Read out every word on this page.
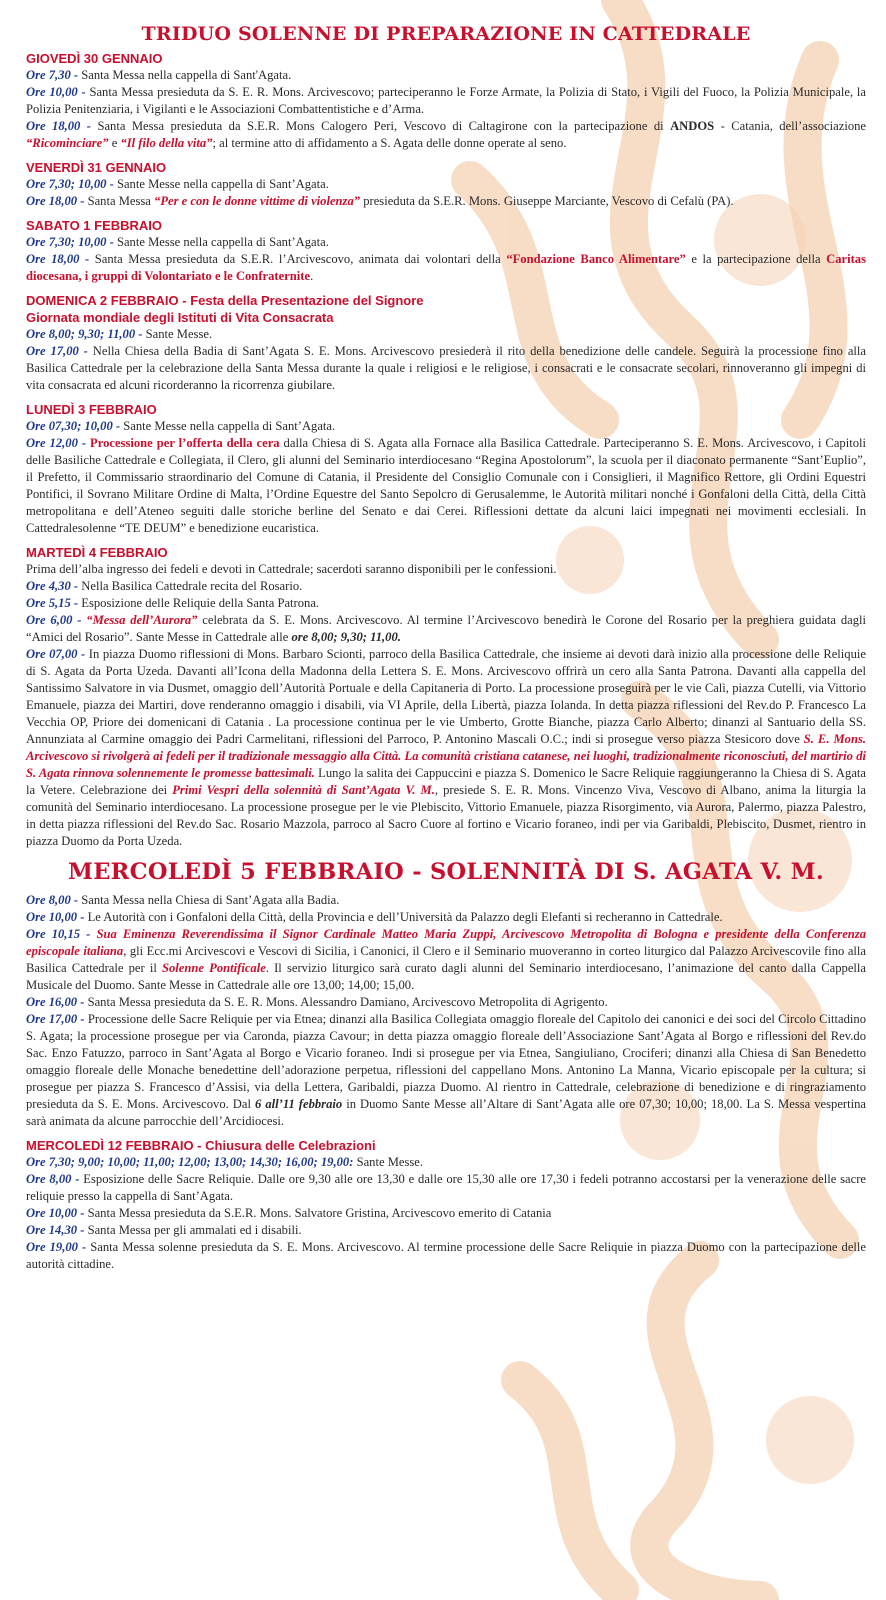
TRIDUO SOLENNE DI PREPARAZIONE IN CATTEDRALE
GIOVEDÌ 30 GENNAIO

Ore 7,30 - Santa Messa nella cappella di Sant'Agata.

Ore 10,00 - Santa Messa presieduta da S. E. R. Mons. Arcivescovo; parteciperanno le Forze Armate, la Polizia di Stato, i Vigili del Fuoco, la Polizia Municipale, la Polizia Penitenziaria, i Vigilanti e le Associazioni Combattentistiche e d’Arma.

Ore 18,00 - Santa Messa presieduta da S.E.R. Mons Calogero Peri, Vescovo di Caltagirone con la partecipazione di ANDOS - Catania, dell’associazione “Ricominciare” e “Il filo della vita”; al termine atto di affidamento a S. Agata delle donne operate al seno.

VENERDÌ 31 GENNAIO

Ore 7,30; 10,00 - Sante Messe nella cappella di Sant’Agata.

Ore 18,00 - Santa Messa “Per e con le donne vittime di violenza” presieduta da S.E.R. Mons. Giuseppe Marciante, Vescovo di Cefalù (PA).

SABATO 1 FEBBRAIO

Ore 7,30; 10,00 - Sante Messe nella cappella di Sant’Agata.

Ore 18,00 - Santa Messa presieduta da S.E.R. l’Arcivescovo, animata dai volontari della “Fondazione Banco Alimentare” e la partecipazione della Caritas diocesana, i gruppi di Volontariato e le Confraternite.

DOMENICA 2 FEBBRAIO - Festa della Presentazione del Signore
Giornata mondiale degli Istituti di Vita Consacrata

Ore 8,00; 9,30; 11,00 - Sante Messe.

Ore 17,00 - Nella Chiesa della Badia di Sant’Agata S. E. Mons. Arcivescovo presiederà il rito della benedizione delle candele. Seguirà la processione fino alla Basilica Cattedrale per la celebrazione della Santa Messa durante la quale i religiosi e le religiose, i consacrati e le consacrate secolari, rinnoveranno gli impegni di vita consacrata ed alcuni ricorderanno la ricorrenza giubilare.

LUNEDÌ 3 FEBBRAIO

Ore 07,30; 10,00 - Sante Messe nella cappella di Sant’Agata.

Ore 12,00 - Processione per l’offerta della cera dalla Chiesa di S. Agata alla Fornace alla Basilica Cattedrale. Parteciperanno S. E. Mons. Arcivescovo, i Capitoli delle Basiliche Cattedrale e Collegiata, il Clero, gli alunni del Seminario interdiocesano “Regina Apostolorum”, la scuola per il diaconato permanente “Sant’Euplio”, il Prefetto, il Commissario straordinario del Comune di Catania, il Presidente del Consiglio Comunale con i Consiglieri, il Magnifico Rettore, gli Ordini Equestri Pontifici, il Sovrano Militare Ordine di Malta, l’Ordine Equestre del Santo Sepolcro di Gerusalemme, le Autorità militari nonché i Gonfaloni della Città, della Città metropolitana e dell’Ateneo seguiti dalle storiche berline del Senato e dai Cerei. Riflessioni dettate da alcuni laici impegnati nei movimenti ecclesiali. In Cattedralesolenne “TE DEUM” e benedizione eucaristica.

MARTEDÌ 4 FEBBRAIO

Prima dell’alba ingresso dei fedeli e devoti in Cattedrale; sacerdoti saranno disponibili per le confessioni.

Ore 4,30 - Nella Basilica Cattedrale recita del Rosario.

Ore 5,15 - Esposizione delle Reliquie della Santa Patrona.

Ore 6,00 - “Messa dell’Aurora” celebrata da S. E. Mons. Arcivescovo. Al termine l’Arcivescovo benedirà le Corone del Rosario per la preghiera guidata dagli “Amici del Rosario”. Sante Messe in Cattedrale alle ore 8,00; 9,30; 11,00.

Ore 07,00 - In piazza Duomo riflessioni di Mons. Barbaro Scionti, parroco della Basilica Cattedrale, che insieme ai devoti darà inizio alla processione delle Reliquie di S. Agata da Porta Uzeda. Davanti all’Icona della Madonna della Lettera S. E. Mons. Arcivescovo offrirà un cero alla Santa Patrona. Davanti alla cappella del Santissimo Salvatore in via Dusmet, omaggio dell’Autorità Portuale e della Capitaneria di Porto. La processione proseguirà per le vie Calì, piazza Cutelli, via Vittorio Emanuele, piazza dei Martiri, dove renderanno omaggio i disabili, via VI Aprile, della Libertà, piazza Iolanda. In detta piazza riflessioni del Rev.do P. Francesco La Vecchia OP, Priore dei domenicani di Catania . La processione continua per le vie Umberto, Grotte Bianche, piazza Carlo Alberto; dinanzi al Santuario della SS. Annunziata al Carmine omaggio dei Padri Carmelitani, riflessioni del Parroco, P. Antonino Mascali O.C.; indi si prosegue verso piazza Stesicoro dove S. E. Mons. Arcivescovo si rivolgerà ai fedeli per il tradizionale messaggio alla Città. La comunità cristiana catanese, nei luoghi, tradizionalmente riconosciuti, del martirio di S. Agata rinnova solennemente le promesse battesimali. Lungo la salita dei Cappuccini e piazza S. Domenico le Sacre Reliquie raggiungeranno la Chiesa di S. Agata la Vetere. Celebrazione dei Primi Vespri della solennità di Sant’Agata V. M., presiede S. E. R. Mons. Vincenzo Viva, Vescovo di Albano, anima la liturgia la comunità del Seminario interdiocesano. La processione prosegue per le vie Plebiscito, Vittorio Emanuele, piazza Risorgimento, via Aurora, Palermo, piazza Palestro, in detta piazza riflessioni del Rev.do Sac. Rosario Mazzola, parroco al Sacro Cuore al fortino e Vicario foraneo, indi per via Garibaldi, Plebiscito, Dusmet, rientro in piazza Duomo da Porta Uzeda.

MERCOLEDÌ 5 FEBBRAIO - SOLENNITÀ DI S. AGATA V. M.

Ore 8,00 - Santa Messa nella Chiesa di Sant’Agata alla Badia.

Ore 10,00 - Le Autorità con i Gonfaloni della Città, della Provincia e dell’Università da Palazzo degli Elefanti si recheranno in Cattedrale.

Ore 10,15 - Sua Eminenza Reverendissima il Signor Cardinale Matteo Maria Zuppi, Arcivescovo Metropolita di Bologna e presidente della Conferenza episcopale italiana, gli Ecc.mi Arcivescovi e Vescovi di Sicilia, i Canonici, il Clero e il Seminario muoveranno in corteo liturgico dal Palazzo Arcivescovile fino alla Basilica Cattedrale per il Solenne Pontificale. Il servizio liturgico sarà curato dagli alunni del Seminario interdiocesano, l’animazione del canto dalla Cappella Musicale del Duomo. Sante Messe in Cattedrale alle ore 13,00; 14,00; 15,00.

Ore 16,00 - Santa Messa presieduta da S. E. R. Mons. Alessandro Damiano, Arcivescovo Metropolita di Agrigento.

Ore 17,00 - Processione delle Sacre Reliquie per via Etnea; dinanzi alla Basilica Collegiata omaggio floreale del Capitolo dei canonici e dei soci del Circolo Cittadino S. Agata; la processione prosegue per via Caronda, piazza Cavour; in detta piazza omaggio floreale dell’Associazione Sant’Agata al Borgo e riflessioni del Rev.do Sac. Enzo Fatuzzo, parroco in Sant’Agata al Borgo e Vicario foraneo. Indi si prosegue per via Etnea, Sangiuliano, Crociferi; dinanzi alla Chiesa di San Benedetto omaggio floreale delle Monache benedettine dell’adorazione perpetua, riflessioni del cappellano Mons. Antonino La Manna, Vicario episcopale per la cultura; si prosegue per piazza S. Francesco d’Assisi, via della Lettera, Garibaldi, piazza Duomo. Al rientro in Cattedrale, celebrazione di benedizione e di ringraziamento presieduta da S. E. Mons. Arcivescovo. Dal 6 all’11 febbraio in Duomo Sante Messe all’Altare di Sant’Agata alle ore 07,30; 10,00; 18,00. La S. Messa vespertina sarà animata da alcune parrocchie dell’Arcidiocesi.

MERCOLEDÌ 12 FEBBRAIO - Chiusura delle Celebrazioni

Ore 7,30; 9,00; 10,00; 11,00; 12,00; 13,00; 14,30; 16,00; 19,00: Sante Messe.

Ore 8,00 - Esposizione delle Sacre Reliquie. Dalle ore 9,30 alle ore 13,30 e dalle ore 15,30 alle ore 17,30 i fedeli potranno accostarsi per la venerazione delle sacre reliquie presso la cappella di Sant’Agata.

Ore 10,00 - Santa Messa presieduta da S.E.R. Mons. Salvatore Gristina, Arcivescovo emerito di Catania

Ore 14,30 - Santa Messa per gli ammalati ed i disabili.

Ore 19,00 - Santa Messa solenne presieduta da S. E. Mons. Arcivescovo. Al termine processione delle Sacre Reliquie in piazza Duomo con la partecipazione delle autorità cittadine.
